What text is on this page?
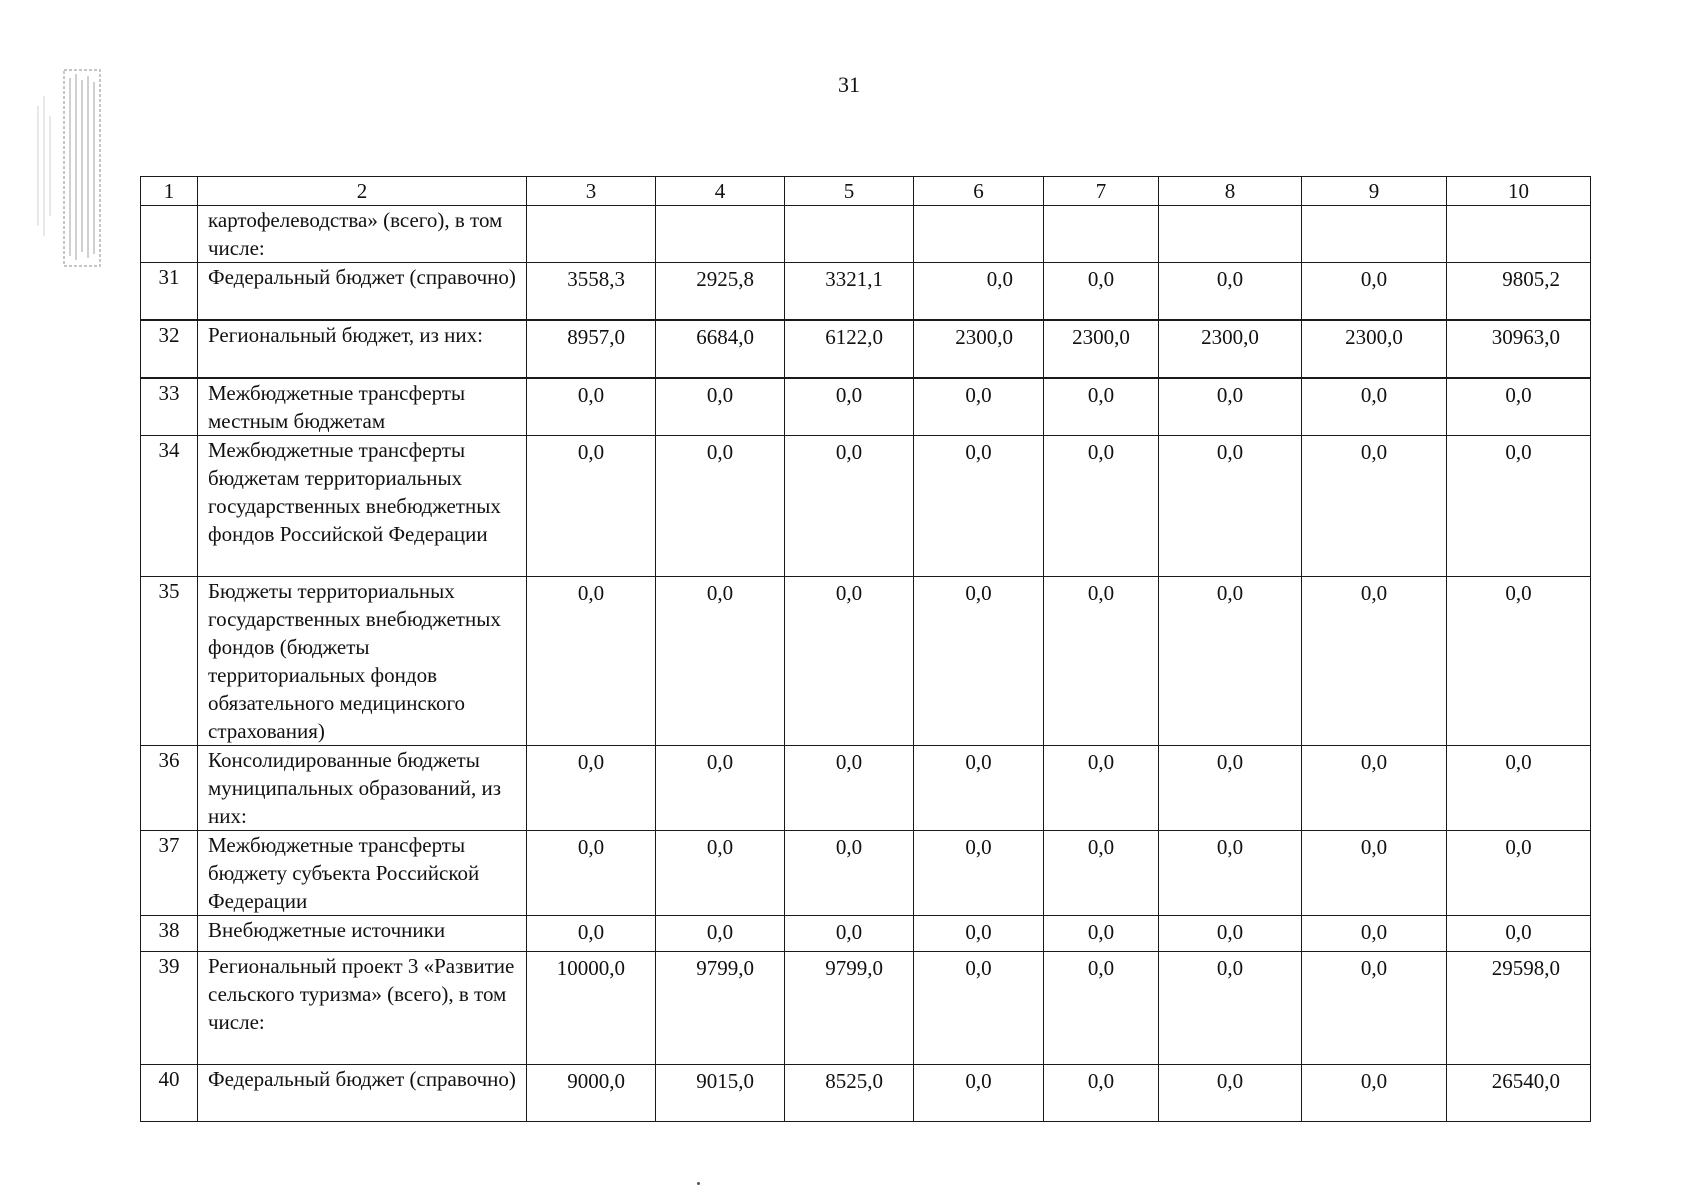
31
1	2	3	4	5	6	7	8	9	10
	картофелеводства» (всего), в том числе:								
31	Федеральный бюджет (справочно)	3558,3	2925,8	3321,1	0,0	0,0	0,0	0,0	9805,2
32	Региональный бюджет, из них:	8957,0	6684,0	6122,0	2300,0	2300,0	2300,0	2300,0	30963,0
33	Межбюджетные трансферты местным бюджетам	0,0	0,0	0,0	0,0	0,0	0,0	0,0	0,0
34	Межбюджетные трансферты бюджетам территориальных государственных внебюджетных фондов Российской Федерации	0,0	0,0	0,0	0,0	0,0	0,0	0,0	0,0
35	Бюджеты территориальных государственных внебюджетных фондов (бюджеты территориальных фондов обязательного медицинского страхования)	0,0	0,0	0,0	0,0	0,0	0,0	0,0	0,0
36	Консолидированные бюджеты муниципальных образований, из них:	0,0	0,0	0,0	0,0	0,0	0,0	0,0	0,0
37	Межбюджетные трансферты бюджету субъекта Российской Федерации	0,0	0,0	0,0	0,0	0,0	0,0	0,0	0,0
38	Внебюджетные источники	0,0	0,0	0,0	0,0	0,0	0,0	0,0	0,0
39	Региональный проект 3 «Развитие сельского туризма» (всего), в том числе:	10000,0	9799,0	9799,0	0,0	0,0	0,0	0,0	29598,0
40	Федеральный бюджет (справочно)	9000,0	9015,0	8525,0	0,0	0,0	0,0	0,0	26540,0
